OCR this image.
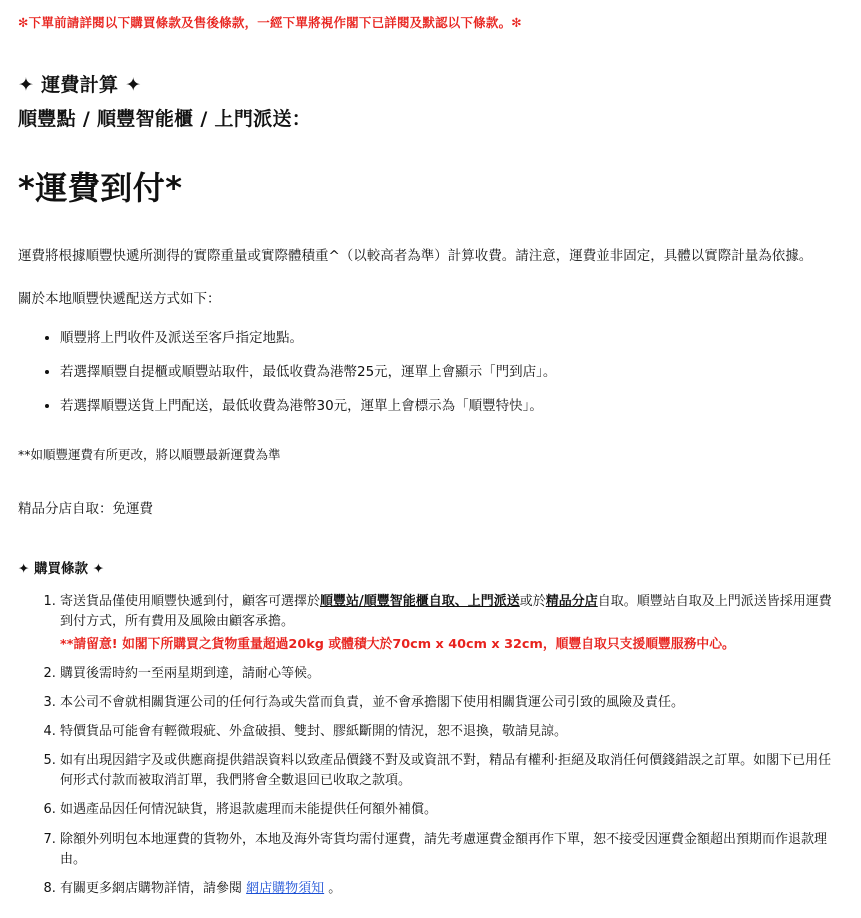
✻下單前請詳閱以下購買條款及售後條款，一經下單將視作閣下已詳閱及默認以下條款。✻

✦ 運費計算 ✦

順豐點 / 順豐智能櫃 / 上門派送：

*運費到付*

運費將根據順豐快遞所測得的實際重量或實際體積重^（以較高者為準）計算收費。請注意，運費並非固定，具體以實際計量為依據。

關於本地順豐快遞配送方式如下：

• 順豐將上門收件及派送至客戶指定地點。
• 若選擇順豐自提櫃或順豐站取件，最低收費為港幣25元，運單上會顯示「門到店」。
• 若選擇順豐送貨上門配送，最低收費為港幣30元，運單上會標示為「順豐特快」。

**如順豐運費有所更改，將以順豐最新運費為準

精品分店自取：免運費

✦ 購買條款 ✦

1. 寄送貨品僅使用順豐快遞到付，顧客可選擇於順豐站/順豐智能櫃自取、上門派送或於精品分店自取。順豐站自取及上門派送皆採用運費到付方式，所有費用及風險由顧客承擔。
**請留意! 如閣下所購買之貨物重量超過20kg 或體積大於70cm x 40cm x 32cm，順豐自取只支援順豐服務中心。
2. 購買後需時約一至兩星期到達，請耐心等候。
3. 本公司不會就相關貨運公司的任何行為或失當而負責，並不會承擔閣下使用相關貨運公司引致的風險及責任。
4. 特價貨品可能會有輕微瑕疵、外盒破損、雙封、膠紙斷開的情況，恕不退換，敬請見諒。
5. 如有出現因錯字及或供應商提供錯誤資料以致產品價錢不對及或資訊不對，精品有權利·拒絕及取消任何價錢錯誤之訂單。如閣下已用任何形式付款而被取消訂單，我們將會全數退回已收取之款項。
6. 如遇產品因任何情況缺貨，將退款處理而未能提供任何額外補償。
7. 除額外列明包本地運費的貨物外，本地及海外寄貨均需付運費，請先考慮運費金額再作下單，恕不接受因運費金額超出預期而作退款理由。
8. 有關更多網店購物詳情，請參閱 網店購物須知 。
